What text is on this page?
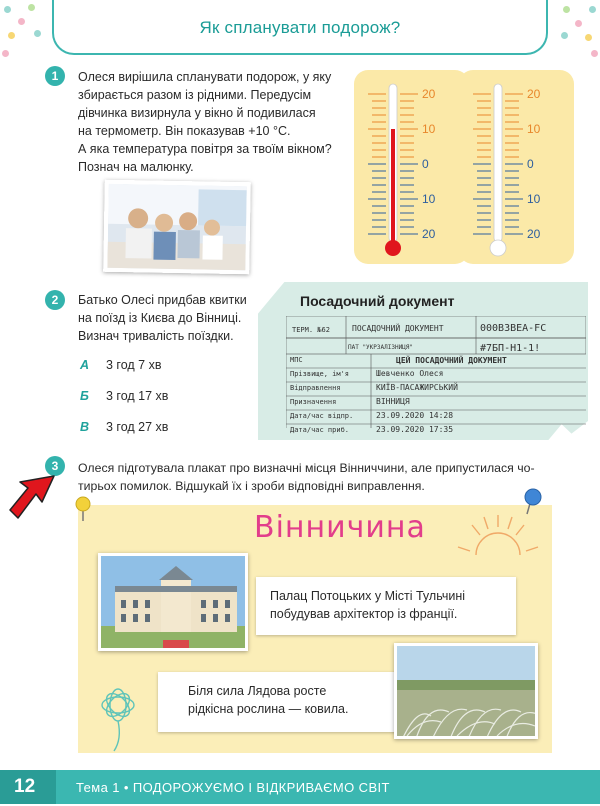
Як спланувати подорож?
1	Олеся вирішила спланувати подорож, у яку
збирається разом із рідними. Передусім
дівчинка визирнула у вікно й подивилася
на термометр. Він показував +10 °С.
А яка температура повітря за твоїм вікном?
Познач на малюнку.
20
10
0
10
20
20
10
0
10
20
2	Батько Олесі придбав квитки
на поїзд із Києва до Вінниці.
Визнач тривалість поїздки.
А 3 год 7 хв
Б 3 год 17 хв
В 3 год 27 хв
Посадочний документ
ТЕРМ. №62	ПОСАДОЧНИЙ ДОКУМЕНТ	000ВЗВЕА-FC
ПАТ "УКРЗАЛІЗНИЦЯ"	#7БП-Н1-1!
МПС	ЦЕЙ ПОСАДОЧНИЙ ДОКУМЕНТ
Прізвище, ім'я	Шевченко Олеся
Відправлення	КИЇВ-ПАСАЖИРСЬКИЙ
Призначення	ВІННИЦЯ
Дата/час відпр.	23.09.2020 14:28
Дата/час приб.	23.09.2020 17:35
3	Олеся підготувала плакат про визначні місця Вінниччини, але припустилася чо-
тирьох помилок. Відшукай їх і зроби відповідні виправлення.
Вінничина
Палац Потоцьких у Місті Тульчині
побудував архітектор із франції.
Біля сила Лядова росте
рідкісна рослина — ковила.
12	Тема 1 • ПОДОРОЖУЄМО І ВІДКРИВАЄМО СВІТ
